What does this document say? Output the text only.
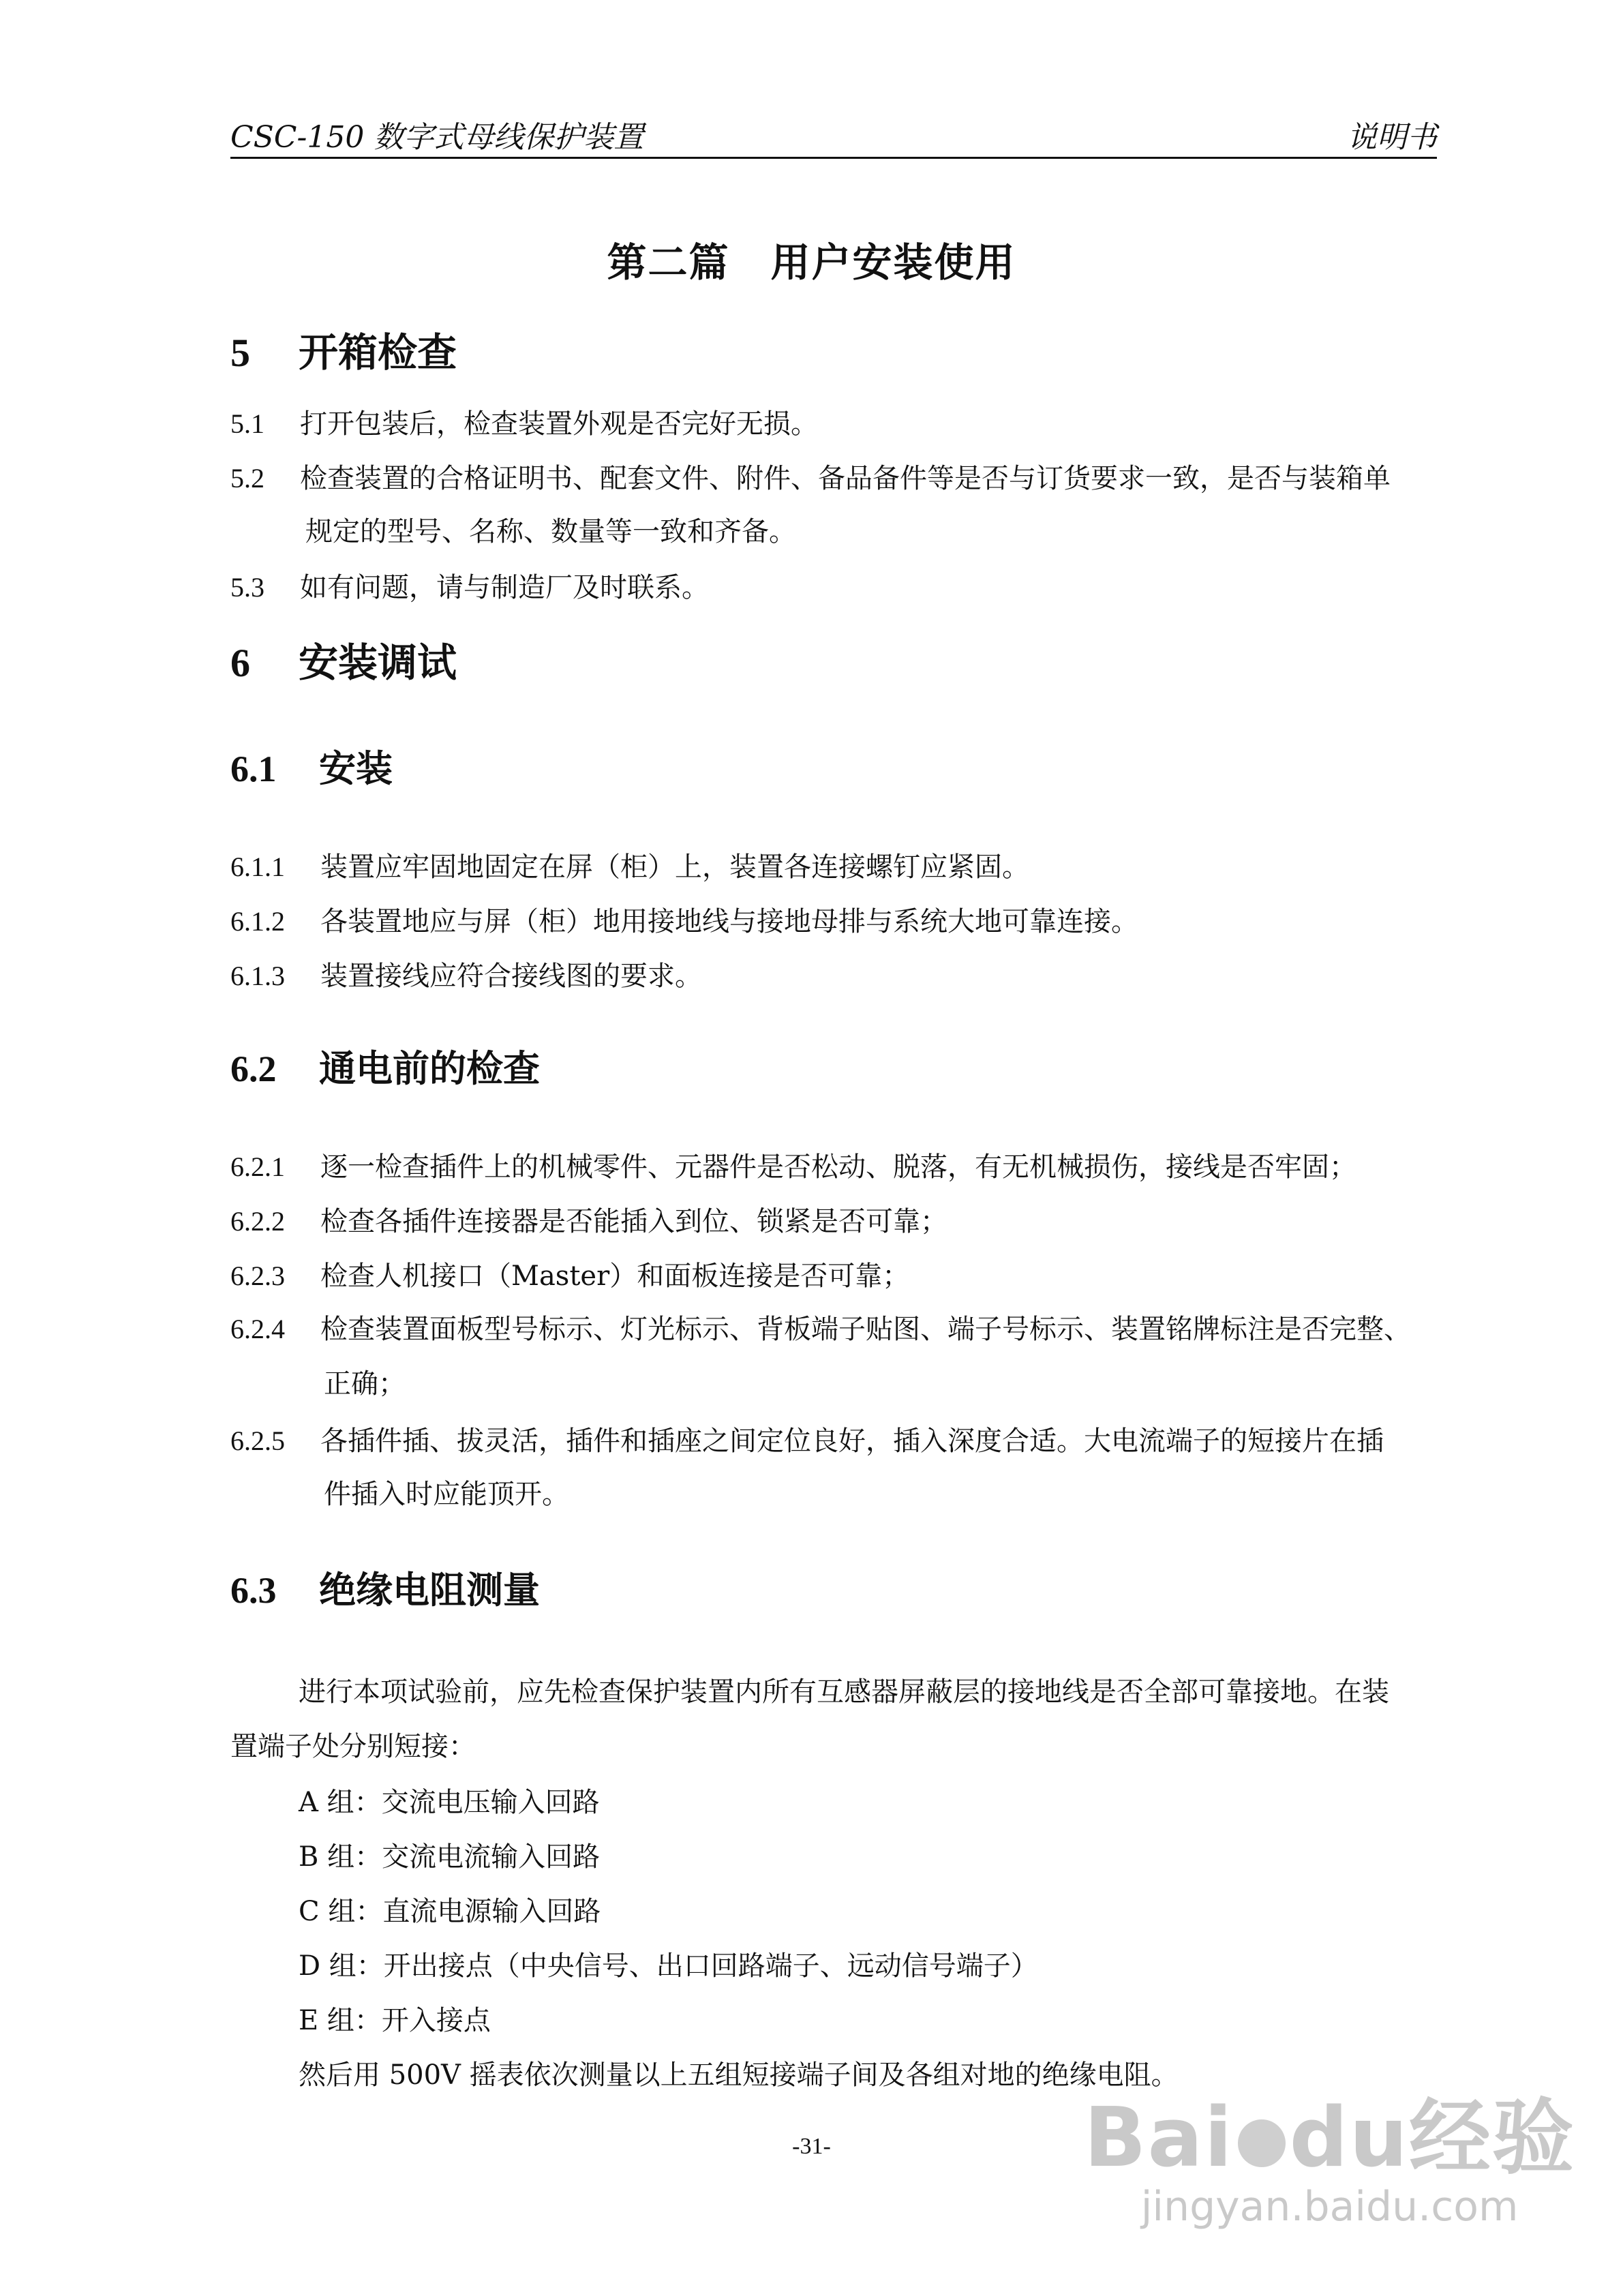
CSC-150 数字式母线保护装置	说明书
第二篇 用户安装使用
5 开箱检查
5.1 打开包装后，检查装置外观是否完好无损。
5.2 检查装置的合格证明书、配套文件、附件、备品备件等是否与订货要求一致，是否与装箱单
规定的型号、名称、数量等一致和齐备。
5.3 如有问题，请与制造厂及时联系。
6 安装调试
6.1 安装
6.1.1 装置应牢固地固定在屏（柜）上，装置各连接螺钉应紧固。
6.1.2 各装置地应与屏（柜）地用接地线与接地母排与系统大地可靠连接。
6.1.3 装置接线应符合接线图的要求。
6.2 通电前的检查
6.2.1 逐一检查插件上的机械零件、元器件是否松动、脱落，有无机械损伤，接线是否牢固；
6.2.2 检查各插件连接器是否能插入到位、锁紧是否可靠；
6.2.3 检查人机接口（Master）和面板连接是否可靠；
6.2.4 检查装置面板型号标示、灯光标示、背板端子贴图、端子号标示、装置铭牌标注是否完整、
正确；
6.2.5 各插件插、拔灵活，插件和插座之间定位良好，插入深度合适。大电流端子的短接片在插
件插入时应能顶开。
6.3 绝缘电阻测量
进行本项试验前，应先检查保护装置内所有互感器屏蔽层的接地线是否全部可靠接地。在装
置端子处分别短接：
A 组：交流电压输入回路
B 组：交流电流输入回路
C 组：直流电源输入回路
D 组：开出接点（中央信号、出口回路端子、远动信号端子）
E 组：开入接点
然后用 500V 摇表依次测量以上五组短接端子间及各组对地的绝缘电阻。
-31-	Bai du经验
jingyan.baidu.com
